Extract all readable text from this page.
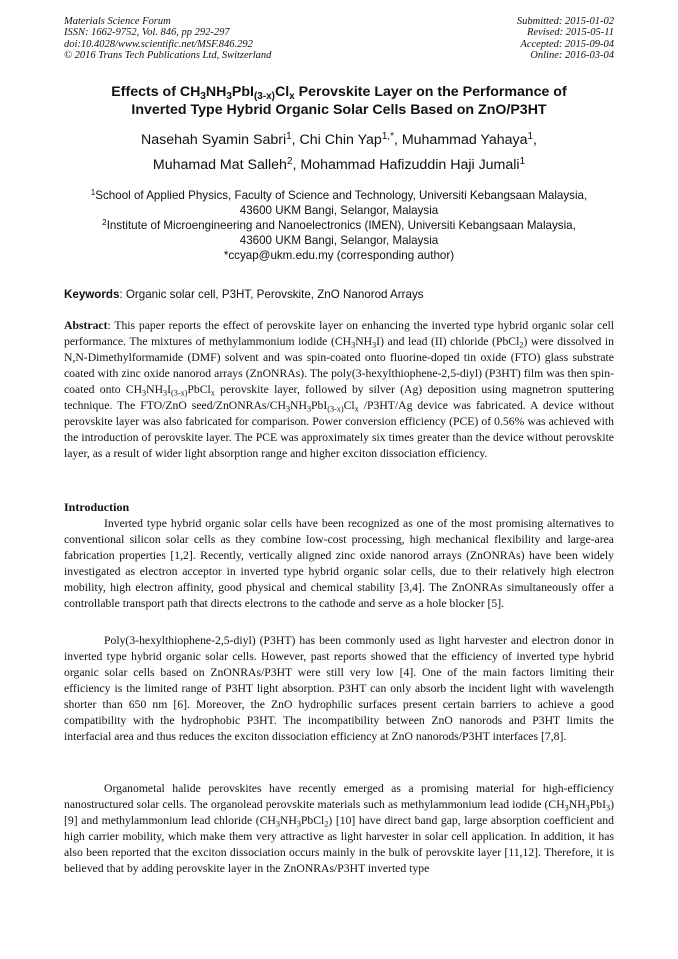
Materials Science Forum
ISSN: 1662-9752, Vol. 846, pp 292-297
doi:10.4028/www.scientific.net/MSF.846.292
© 2016 Trans Tech Publications Ltd, Switzerland
Submitted: 2015-01-02
Revised: 2015-05-11
Accepted: 2015-09-04
Online: 2016-03-04
Effects of $CH_3NH_3PbI_{(3-x)}Cl_x$ Perovskite Layer on the Performance of
Inverted Type Hybrid Organic Solar Cells Based on ZnO/P3HT
Nasehah Syamin Sabri$^1$, Chi Chin Yap$^{1,*}$, Muhammad Yahaya$^1$,
Muhamad Mat Salleh$^2$, Mohammad Hafizuddin Haji Jumali$^1$
$^1$School of Applied Physics, Faculty of Science and Technology, Universiti Kebangsaan Malaysia,
43600 UKM Bangi, Selangor, Malaysia
$^2$Institute of Microengineering and Nanoelectronics (IMEN), Universiti Kebangsaan Malaysia,
43600 UKM Bangi, Selangor, Malaysia
*ccyap@ukm.edu.my (corresponding author)
Keywords: Organic solar cell, P3HT, Perovskite, ZnO Nanorod Arrays
Abstract: This paper reports the effect of perovskite layer on enhancing the inverted type hybrid organic solar cell performance. The mixtures of methylammonium iodide $(CH_3NH_3I)$ and lead (II) chloride (PbCl$_2$) were dissolved in N,N-Dimethylformamide (DMF) solvent and was spin-coated onto fluorine-doped tin oxide (FTO) glass substrate coated with zinc oxide nanorod arrays (ZnONRAs). The poly(3-hexylthiophene-2,5-diyl) (P3HT) film was then spin-coated onto $CH_3NH_3I_{(3-x)}PbCl_x$ perovskite layer, followed by silver (Ag) deposition using magnetron sputtering technique. The FTO/ZnO seed/$ZnONRAs/CH_3NH_3PbI_{(3-x)}Cl_x$ /P3HT/Ag device was fabricated. A device without perovskite layer was also fabricated for comparison. Power conversion efficiency (PCE) of 0.56% was achieved with the introduction of perovskite layer. The PCE was approximately six times greater than the device without perovskite layer, as a result of wider light absorption range and higher exciton dissociation efficiency.
Introduction
Inverted type hybrid organic solar cells have been recognized as one of the most promising alternatives to conventional silicon solar cells as they combine low-cost processing, high mechanical flexibility and large-area fabrication properties [1,2]. Recently, vertically aligned zinc oxide nanorod arrays (ZnONRAs) have been widely investigated as electron acceptor in inverted type hybrid organic solar cells, due to their relatively high electron mobility, high electron affinity, good physical and chemical stability [3,4]. The ZnONRAs simultaneously offer a controllable transport path that directs electrons to the cathode and serve as a hole blocker [5].
Poly(3-hexylthiophene-2,5-diyl) (P3HT) has been commonly used as light harvester and electron donor in inverted type hybrid organic solar cells. However, past reports showed that the efficiency of inverted type hybrid organic solar cells based on ZnONRAs/P3HT were still very low [4]. One of the main factors limiting their efficiency is the limited range of P3HT light absorption. P3HT can only absorb the incident light with wavelength shorter than 650 nm [6]. Moreover, the ZnO hydrophilic surfaces present certain barriers to achieve a good compatibility with the hydrophobic P3HT. The incompatibility between ZnO nanorods and P3HT limits the interfacial area and thus reduces the exciton dissociation efficiency at ZnO nanorods/P3HT interfaces [7,8].
Organometal halide perovskites have recently emerged as a promising material for high-efficiency nanostructured solar cells. The organolead perovskite materials such as methylammonium lead iodide $(CH_3NH_3PbI_3)$ [9] and methylammonium lead chloride $(CH_3NH_3PbCl_2)$ [10] have direct band gap, large absorption coefficient and high carrier mobility, which make them very attractive as light harvester in solar cell application. In addition, it has also been reported that the exciton dissociation occurs mainly in the bulk of perovskite layer [11,12]. Therefore, it is believed that by adding perovskite layer in the ZnONRAs/P3HT inverted type
